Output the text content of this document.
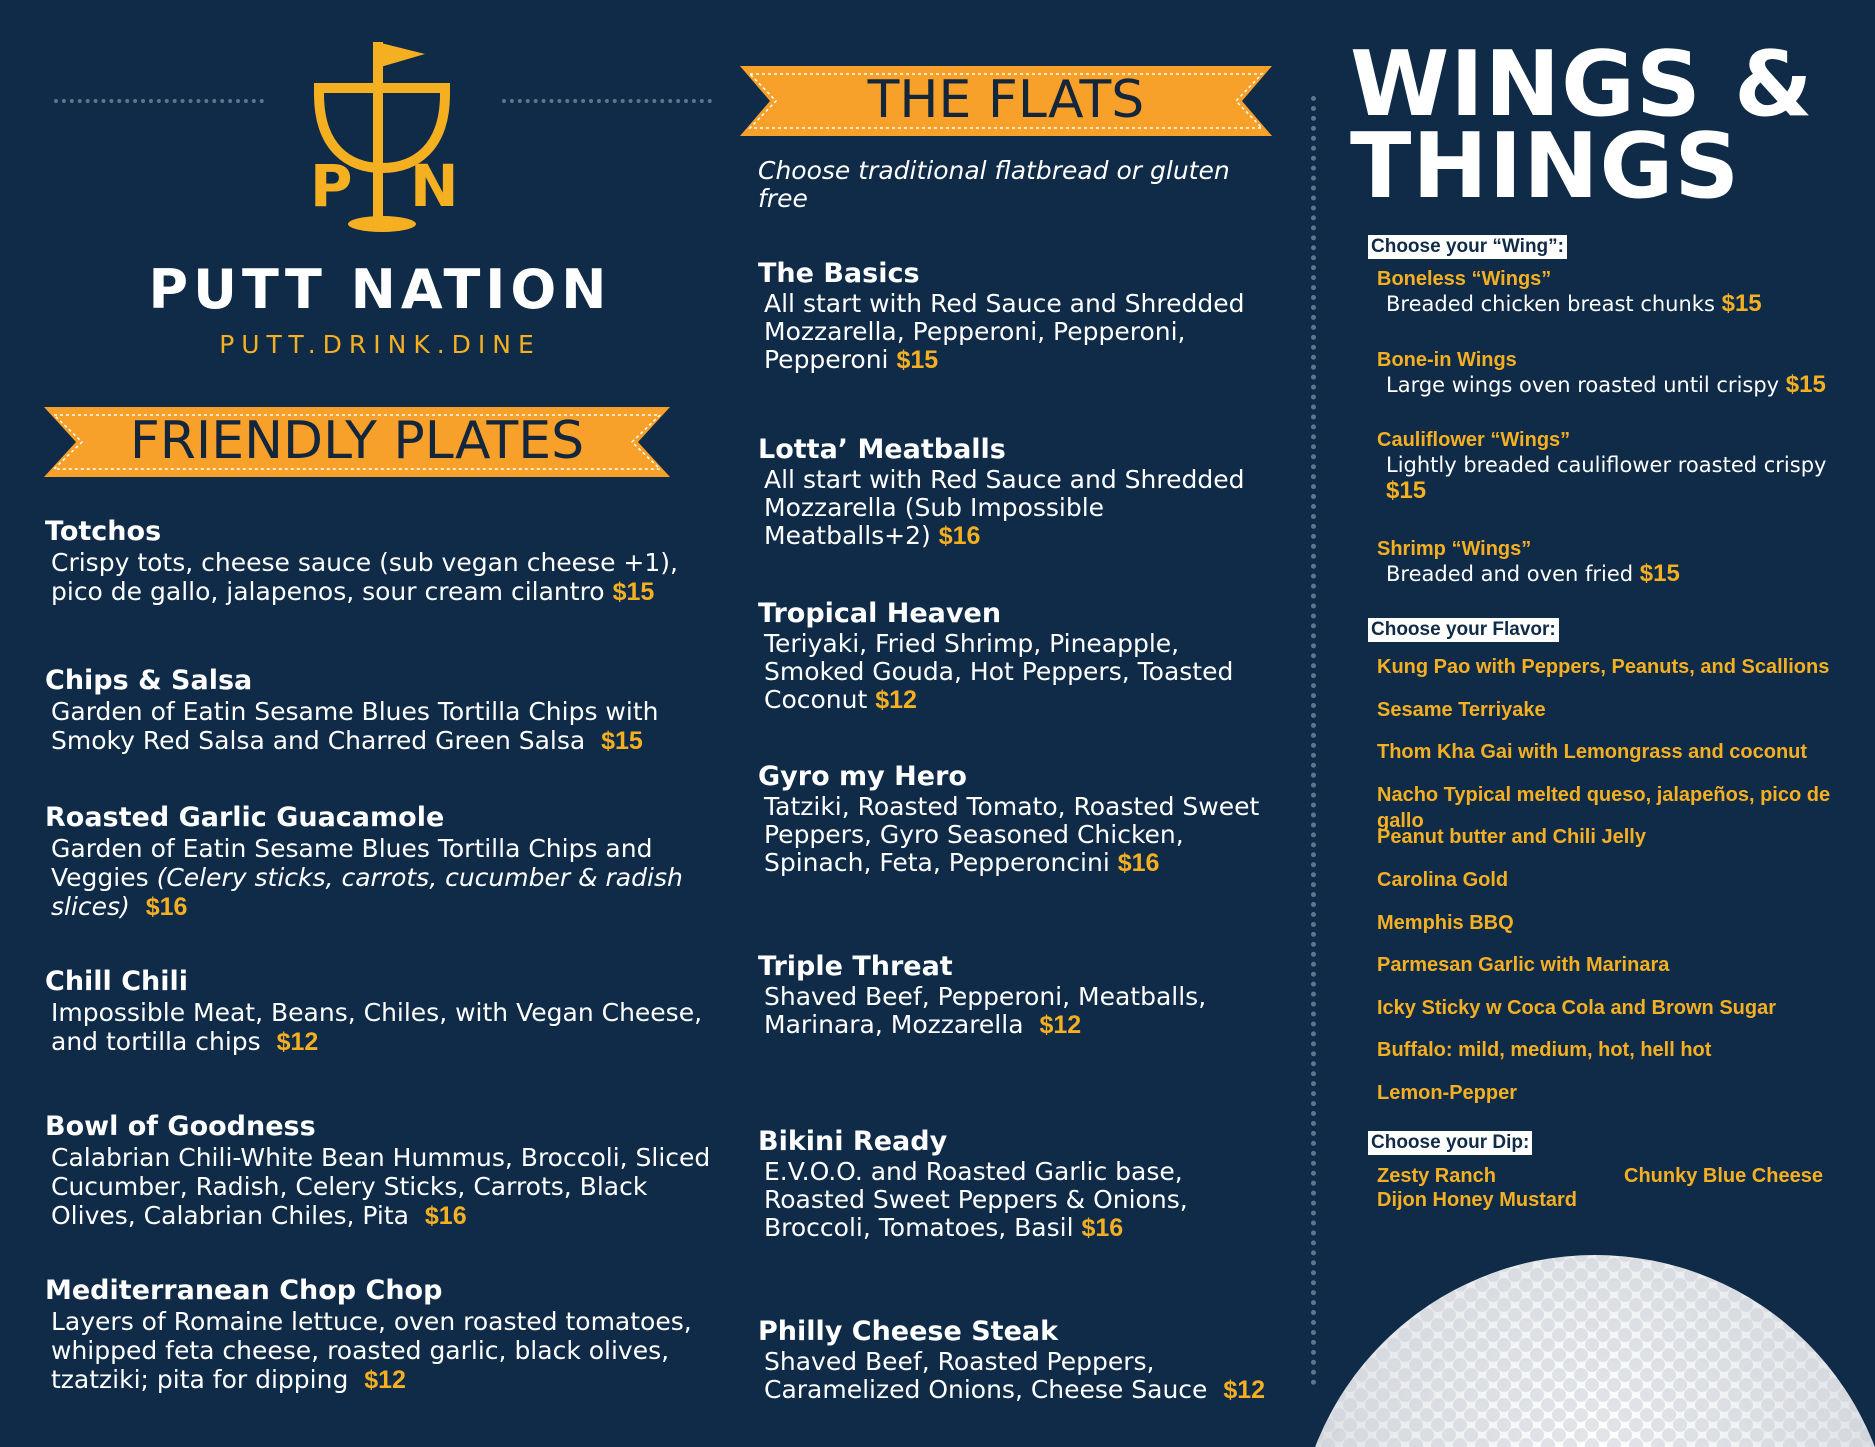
P N
PUTT NATION
PUTT.DRINK.DINE
FRIENDLY PLATES

Totchos

Crispy tots, cheese sauce (sub vegan cheese +1), pico de gallo, jalapenos, sour cream cilantro $15

Chips & Salsa

Garden of Eatin Sesame Blues Tortilla Chips with Smoky Red Salsa and Charred Green Salsa $15

Roasted Garlic Guacamole

Garden of Eatin Sesame Blues Tortilla Chips and Veggies (Celery sticks, carrots, cucumber & radish slices) $16

Chill Chili

Impossible Meat, Beans, Chiles, with Vegan Cheese, and tortilla chips $12

Bowl of Goodness

Calabrian Chili-White Bean Hummus, Broccoli, Sliced Cucumber, Radish, Celery Sticks, Carrots, Black Olives, Calabrian Chiles, Pita $16

Mediterranean Chop Chop

Layers of Romaine lettuce, oven roasted tomatoes, whipped feta cheese, roasted garlic, black olives, tzatziki; pita for dipping $12

THE FLATS
Choose traditional flatbread or gluten free

The Basics

All start with Red Sauce and Shredded Mozzarella, Pepperoni, Pepperoni, Pepperoni $15

Lotta’ Meatballs

All start with Red Sauce and Shredded Mozzarella (Sub Impossible Meatballs+2) $16

Tropical Heaven

Teriyaki, Fried Shrimp, Pineapple, Smoked Gouda, Hot Peppers, Toasted Coconut $12

Gyro my Hero

Tatziki, Roasted Tomato, Roasted Sweet Peppers, Gyro Seasoned Chicken, Spinach, Feta, Pepperoncini $16

Triple Threat

Shaved Beef, Pepperoni, Meatballs, Marinara, Mozzarella $12

Bikini Ready

E.V.O.O. and Roasted Garlic base, Roasted Sweet Peppers & Onions, Broccoli, Tomatoes, Basil $16

Philly Cheese Steak

Shaved Beef, Roasted Peppers, Caramelized Onions, Cheese Sauce $12

WINGS &
THINGS
Choose your “Wing”:
Boneless “Wings”
Breaded chicken breast chunks $15
Bone-in Wings
Large wings oven roasted until crispy $15
Cauliflower “Wings”
Lightly breaded cauliflower roasted crispy $15
Shrimp “Wings”
Breaded and oven fried $15
Choose your Flavor:
Kung Pao with Peppers, Peanuts, and Scallions
Sesame Terriyake
Thom Kha Gai with Lemongrass and coconut
Nacho Typical melted queso, jalapeños, pico de gallo
Peanut butter and Chili Jelly
Carolina Gold
Memphis BBQ
Parmesan Garlic with Marinara
Icky Sticky w Coca Cola and Brown Sugar
Buffalo: mild, medium, hot, hell hot
Lemon-Pepper
Choose your Dip:
Zesty Ranch	Chunky Blue Cheese
Dijon Honey Mustard
